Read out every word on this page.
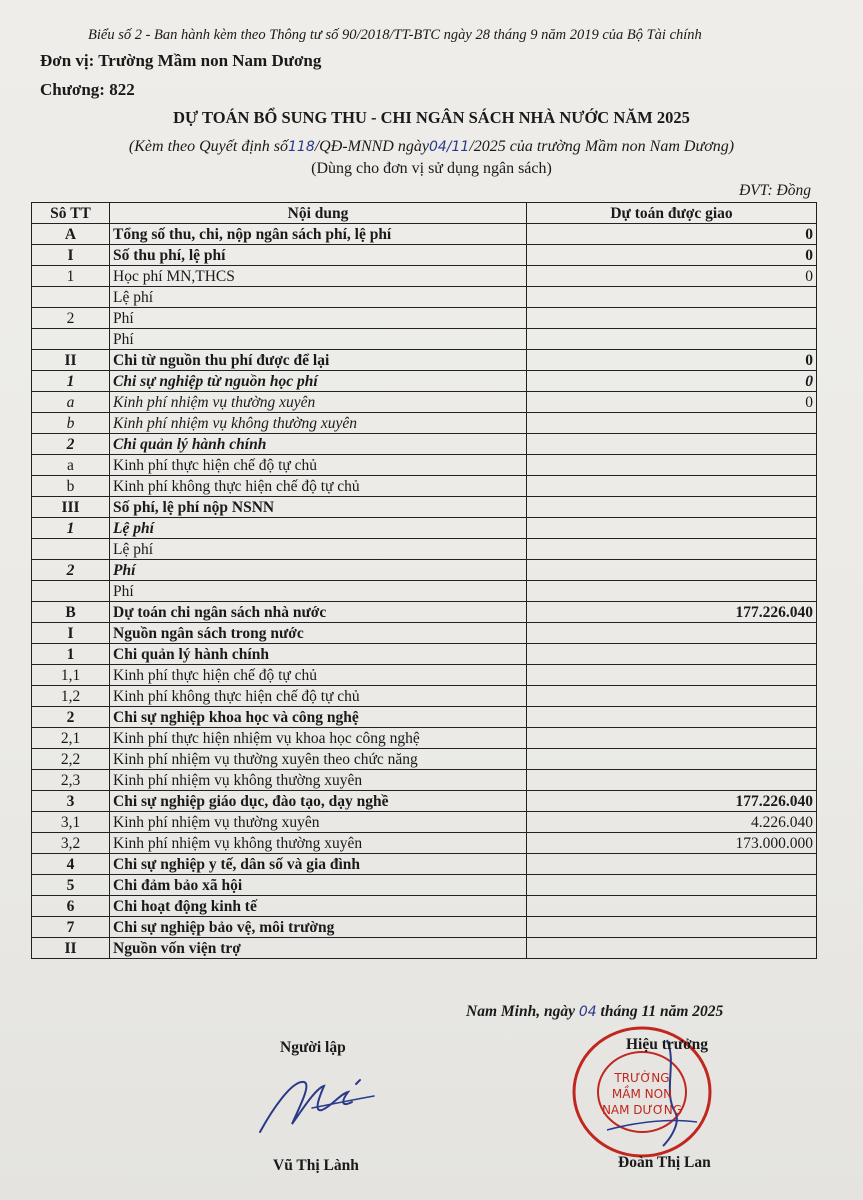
Biểu số 2 - Ban hành kèm theo Thông tư số 90/2018/TT-BTC ngày 28 tháng 9 năm 2019 của Bộ Tài chính
Đơn vị: Trường Mầm non Nam Dương
Chương: 822
DỰ TOÁN BỔ SUNG THU - CHI NGÂN SÁCH NHÀ NƯỚC NĂM 2025
(Kèm theo Quyết định số118/QĐ-MNND ngày04/11/2025 của trường Mầm non Nam Dương)
(Dùng cho đơn vị sử dụng ngân sách)
ĐVT: Đồng
Sô TT	Nội dung	Dự toán được giao
A	Tổng số thu, chi, nộp ngân sách phí, lệ phí	0
I	Số thu phí, lệ phí	0
1	Học phí MN,THCS	0
	Lệ phí	
2	Phí	
	Phí	
II	Chi từ nguồn thu phí được để lại	0
1	Chi sự nghiệp từ nguồn học phí	0
a	Kinh phí nhiệm vụ thường xuyên	0
b	Kinh phí nhiệm vụ không thường xuyên	
2	Chi quản lý hành chính	
a	Kinh phí thực hiện chế độ tự chủ	
b	Kinh phí không thực hiện chế độ tự chủ	
III	Số phí, lệ phí nộp NSNN	
1	Lệ phí	
	Lệ phí	
2	Phí	
	Phí	
B	Dự toán chi ngân sách nhà nước	177.226.040
I	Nguồn ngân sách trong nước	
1	Chi quản lý hành chính	
1,1	Kinh phí thực hiện chế độ tự chủ	
1,2	Kinh phí không thực hiện chế độ tự chủ	
2	Chi sự nghiệp khoa học và công nghệ	
2,1	Kinh phí thực hiện nhiệm vụ khoa học công nghệ	
2,2	Kinh phí nhiệm vụ thường xuyên theo chức năng	
2,3	Kinh phí nhiệm vụ không thường xuyên	
3	Chi sự nghiệp giáo dục, đào tạo, dạy nghề	177.226.040
3,1	Kinh phí nhiệm vụ thường xuyên	4.226.040
3,2	Kinh phí nhiệm vụ không thường xuyên	173.000.000
4	Chi sự nghiệp y tế, dân số và gia đình	
5	Chi đảm bảo xã hội	
6	Chi hoạt động kinh tế	
7	Chi sự nghiệp bảo vệ, môi trường	
II	Nguồn vốn viện trợ	
Nam Minh, ngày 04 tháng 11 năm 2025
Người lập
Vũ Thị Lành
TRƯỜNG
MẦM NON
NAM DƯƠNG
Hiệu trưởng
Đoàn Thị Lan
